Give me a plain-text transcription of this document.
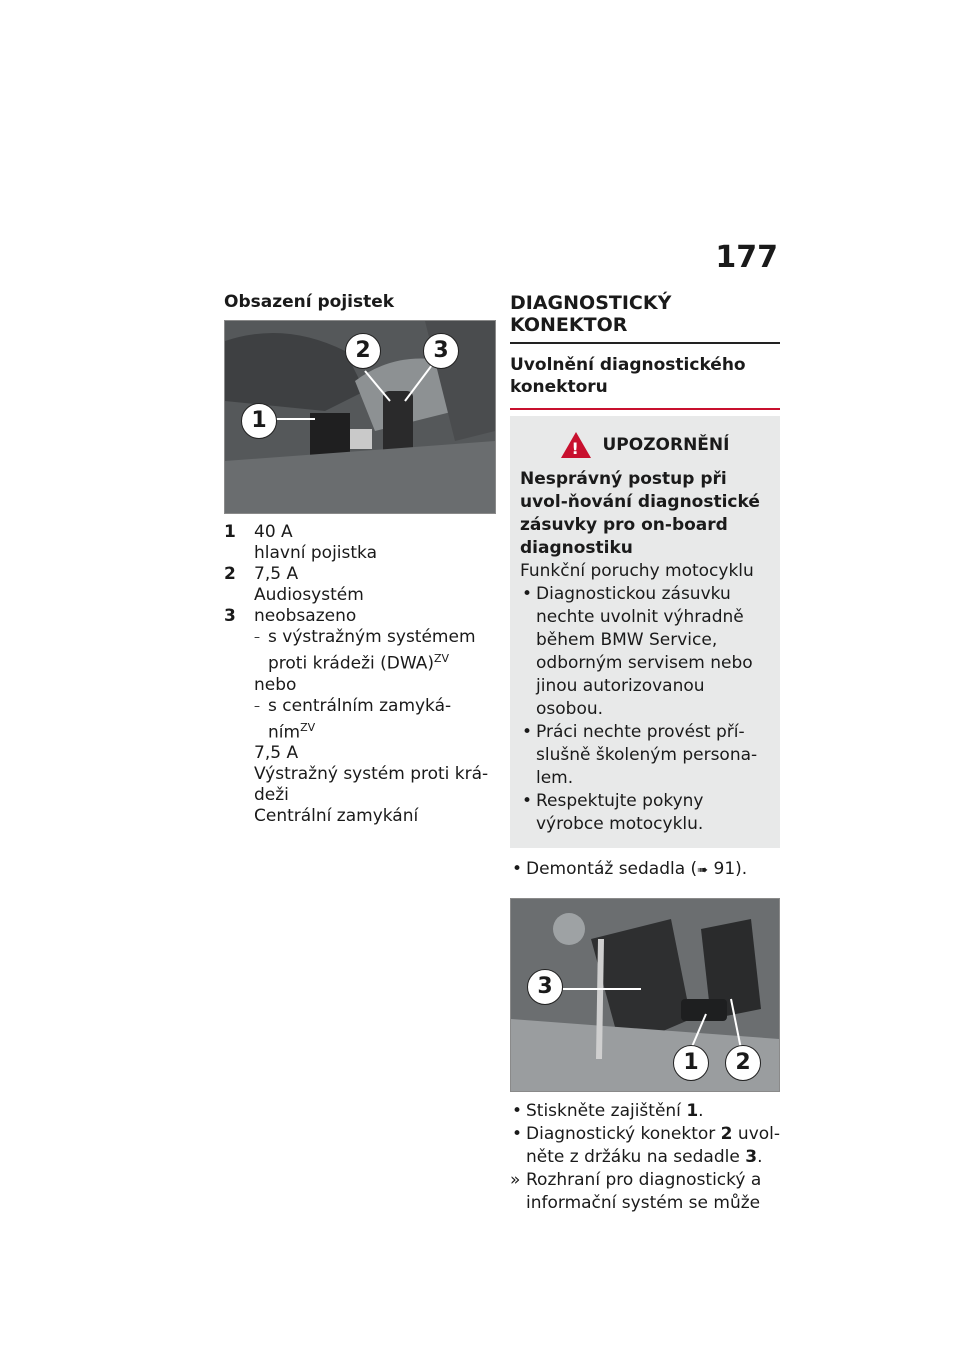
177
Obsazení pojistek
1
2	3
1	40 A
hlavní pojistka
2	7,5 A
Audiosystém
3	neobsazeno
– s výstražným systémem proti krádeži (DWA)$^{ZV}$
nebo
– s centrálním zamyká-
ním$^{ZV}$
7,5 A
Výstražný systém proti krá-
deži
Centrální zamykání
DIAGNOSTICKÝ KONEKTOR
Uvolnění diagnostického konektoru
! UPOZORNĚNÍ
Nesprávný postup při uvol-ňování diagnostické zásuvky pro on-board diagnostiku
Funkční poruchy motocyklu
• Diagnostickou zásuvku nechte uvolnit výhradně během BMW Service, odborným servisem nebo jinou autorizovanou osobou.
• Práci nechte provést pří-slušně školeným persona-lem.
• Respektujte pokyny výrobce motocyklu.
• Demontáž sedadla (➠ 91).
3
1	2
• Stiskněte zajištění 1.
• Diagnostický konektor 2 uvol-něte z držáku na sedadle 3.
» Rozhraní pro diagnostický a informační systém se může
